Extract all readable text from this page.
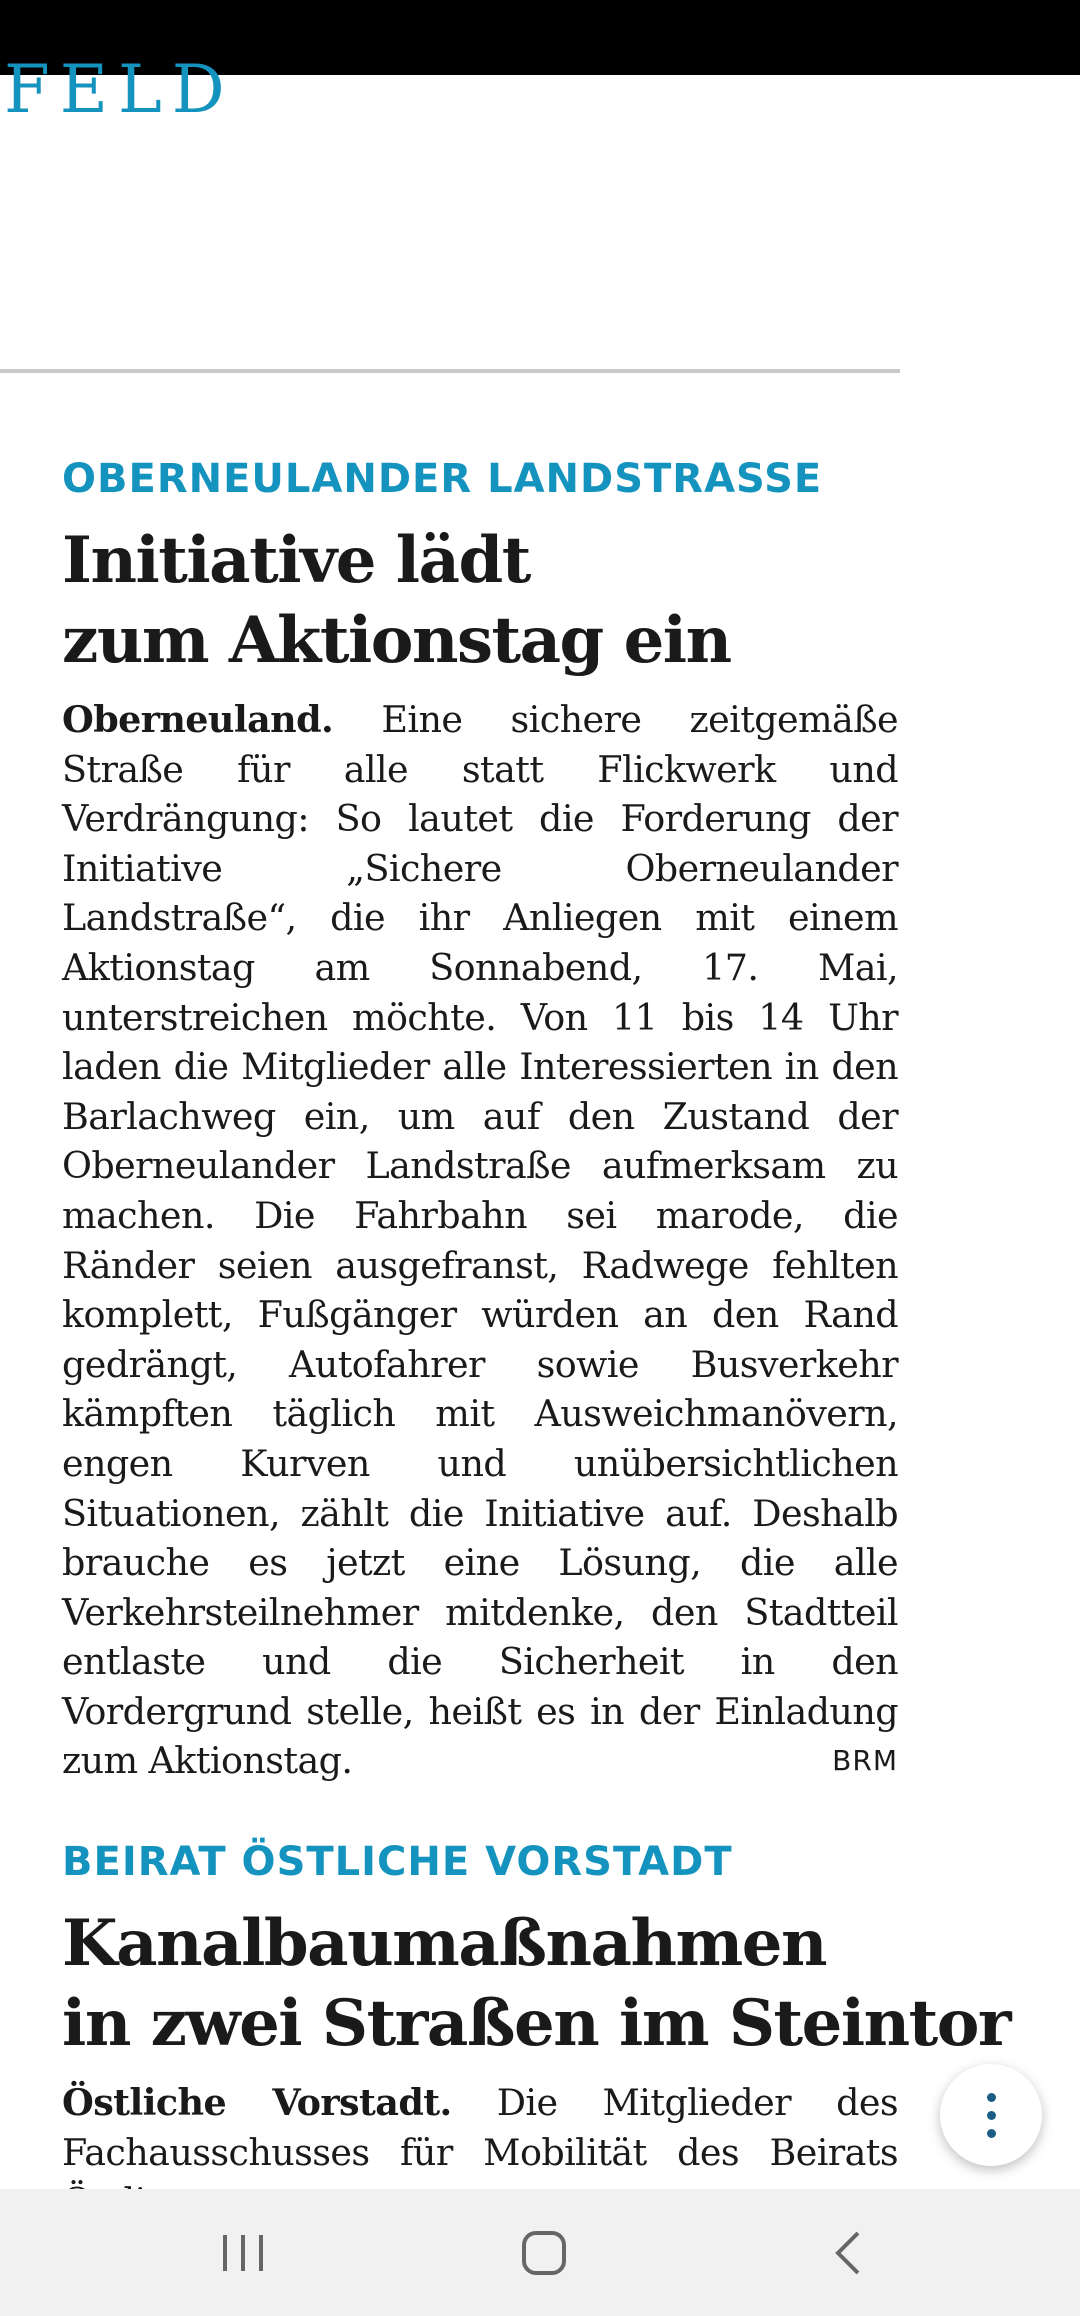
FELD
OBERNEULANDER LANDSTRASSE
Initiative lädt
zum Aktionstag ein

Oberneuland. Eine sichere zeitgemäße Straße für alle statt Flickwerk und Verdrängung: So lautet die Forderung der Initiative „Sichere Oberneulander Landstraße“, die ihr Anliegen mit einem Aktionstag am Sonnabend, 17. Mai, unterstreichen möchte. Von 11 bis 14 Uhr laden die Mitglieder alle Interessierten in den Barlachweg ein, um auf den Zustand der Oberneulander Landstraße aufmerksam zu machen. Die Fahrbahn sei marode, die Ränder seien ausgefranst, Radwege fehlten komplett, Fußgänger würden an den Rand gedrängt, Autofahrer sowie Busverkehr kämpften täglich mit Ausweichmanövern, engen Kurven und unübersichtlichen Situationen, zählt die Initiative auf. Deshalb brauche es jetzt eine Lösung, die alle Verkehrsteilnehmer mitdenke, den Stadtteil entlaste und die Sicherheit in den Vordergrund stelle, heißt es in der Einladung zum Aktionstag.	BRM

BEIRAT ÖSTLICHE VORSTADT
Kanalbaumaßnahmen
in zwei Straßen im Steintor

Östliche Vorstadt. Die Mitglieder des Fachausschusses für Mobilität des Beirats
